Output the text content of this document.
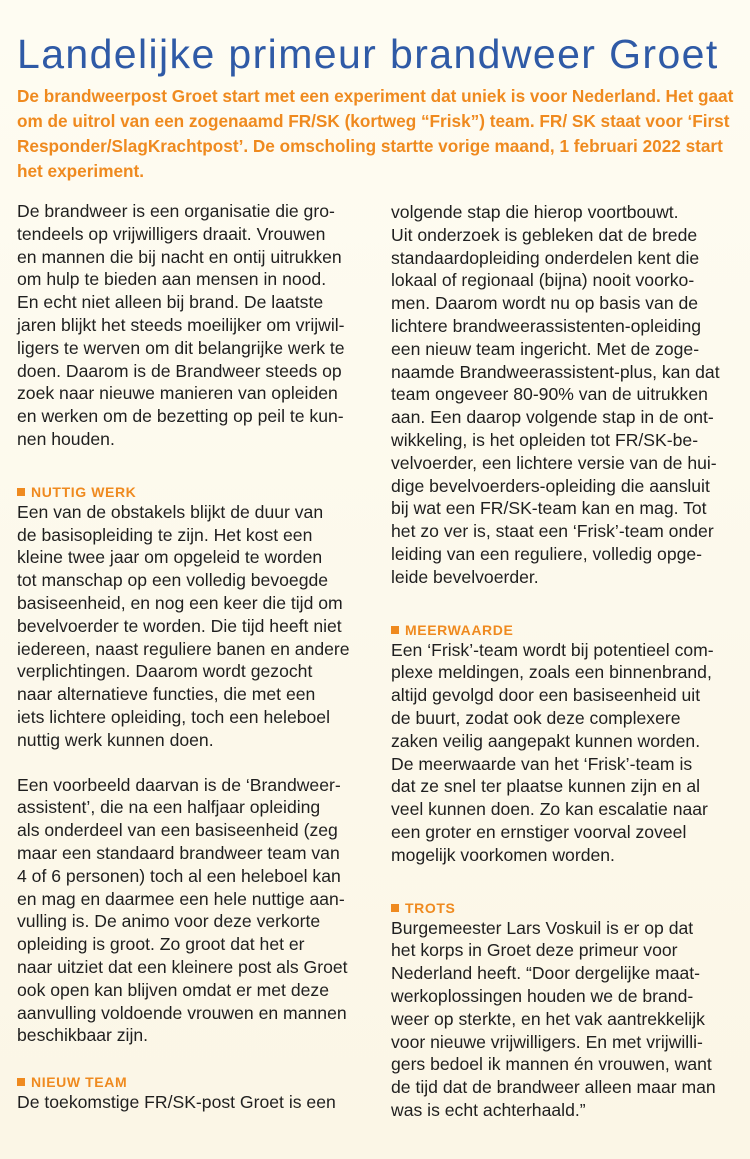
Landelijke primeur brandweer Groet

De brandweerpost Groet start met een experiment dat uniek is voor Nederland. Het gaat om de uitrol van een zogenaamd FR/SK (kortweg “Frisk”) team. FR/ SK staat voor ‘First Responder/SlagKrachtpost’. De omscholing startte vorige maand, 1 februari 2022 start het experiment.

De brandweer is een organisatie die gro-
tendeels op vrijwilligers draait. Vrouwen
en mannen die bij nacht en ontij uitrukken
om hulp te bieden aan mensen in nood.
En echt niet alleen bij brand. De laatste
jaren blijkt het steeds moeilijker om vrijwil-
ligers te werven om dit belangrijke werk te
doen. Daarom is de Brandweer steeds op
zoek naar nieuwe manieren van opleiden
en werken om de bezetting op peil te kun-
nen houden.

NUTTIG WERK

Een van de obstakels blijkt de duur van
de basisopleiding te zijn. Het kost een
kleine twee jaar om opgeleid te worden
tot manschap op een volledig bevoegde
basiseenheid, en nog een keer die tijd om
bevelvoerder te worden. Die tijd heeft niet
iedereen, naast reguliere banen en andere
verplichtingen. Daarom wordt gezocht
naar alternatieve functies, die met een
iets lichtere opleiding, toch een heleboel
nuttig werk kunnen doen.

Een voorbeeld daarvan is de ‘Brandweer-
assistent’, die na een halfjaar opleiding
als onderdeel van een basiseenheid (zeg
maar een standaard brandweer team van
4 of 6 personen) toch al een heleboel kan
en mag en daarmee een hele nuttige aan-
vulling is. De animo voor deze verkorte
opleiding is groot. Zo groot dat het er
naar uitziet dat een kleinere post als Groet
ook open kan blijven omdat er met deze
aanvulling voldoende vrouwen en mannen
beschikbaar zijn.

NIEUW TEAM

De toekomstige FR/SK-post Groet is een

volgende stap die hierop voortbouwt.
Uit onderzoek is gebleken dat de brede
standaardopleiding onderdelen kent die
lokaal of regionaal (bijna) nooit voorko-
men. Daarom wordt nu op basis van de
lichtere brandweerassistenten-opleiding
een nieuw team ingericht. Met de zoge-
naamde Brandweerassistent-plus, kan dat
team ongeveer 80-90% van de uitrukken
aan. Een daarop volgende stap in de ont-
wikkeling, is het opleiden tot FR/SK-be-
velvoerder, een lichtere versie van de hui-
dige bevelvoerders-opleiding die aansluit
bij wat een FR/SK-team kan en mag. Tot
het zo ver is, staat een ‘Frisk’-team onder
leiding van een reguliere, volledig opge-
leide bevelvoerder.

MEERWAARDE

Een ‘Frisk’-team wordt bij potentieel com-
plexe meldingen, zoals een binnenbrand,
altijd gevolgd door een basiseenheid uit
de buurt, zodat ook deze complexere
zaken veilig aangepakt kunnen worden.
De meerwaarde van het ‘Frisk’-team is
dat ze snel ter plaatse kunnen zijn en al
veel kunnen doen. Zo kan escalatie naar
een groter en ernstiger voorval zoveel
mogelijk voorkomen worden.

TROTS

Burgemeester Lars Voskuil is er op dat
het korps in Groet deze primeur voor
Nederland heeft. “Door dergelijke maat-
werkoplossingen houden we de brand-
weer op sterkte, en het vak aantrekkelijk
voor nieuwe vrijwilligers. En met vrijwilli-
gers bedoel ik mannen én vrouwen, want
de tijd dat de brandweer alleen maar man
was is echt achterhaald.”
